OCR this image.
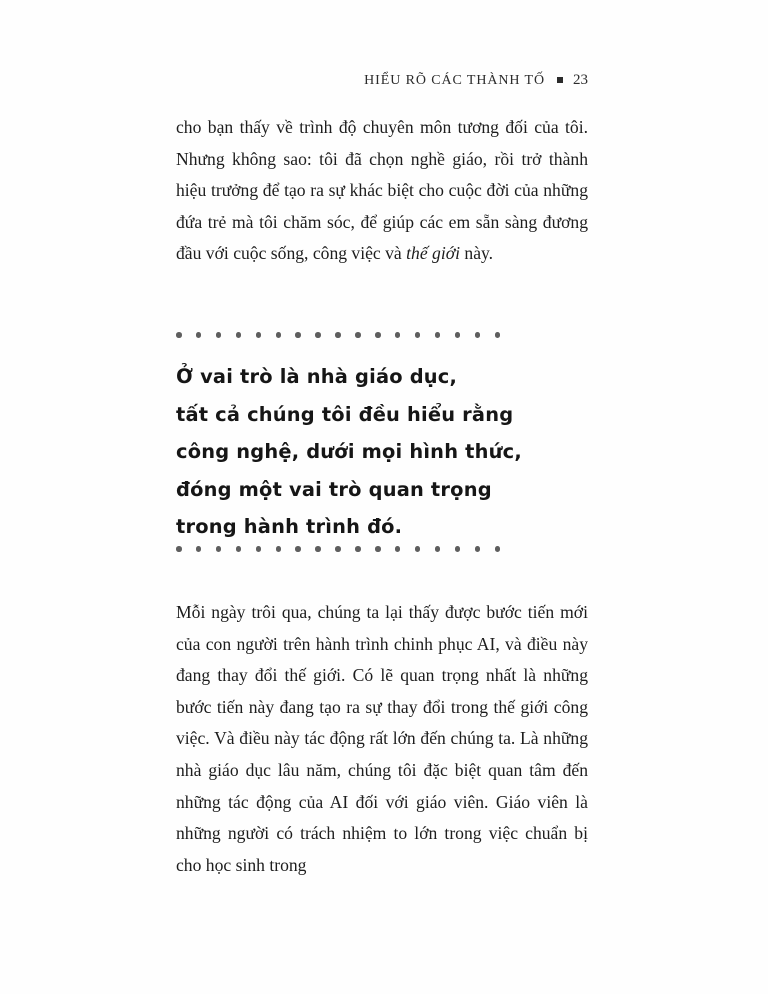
HIỂU RÕ CÁC THÀNH TỐ 23

cho bạn thấy về trình độ chuyên môn tương đối của tôi. Nhưng không sao: tôi đã chọn nghề giáo, rồi trở thành hiệu trưởng để tạo ra sự khác biệt cho cuộc đời của những đứa trẻ mà tôi chăm sóc, để giúp các em sẵn sàng đương đầu với cuộc sống, công việc và thế giới này.

Ở vai trò là nhà giáo dục,
tất cả chúng tôi đều hiểu rằng
công nghệ, dưới mọi hình thức,
đóng một vai trò quan trọng
trong hành trình đó.

Mỗi ngày trôi qua, chúng ta lại thấy được bước tiến mới của con người trên hành trình chinh phục AI, và điều này đang thay đổi thế giới. Có lẽ quan trọng nhất là những bước tiến này đang tạo ra sự thay đổi trong thế giới công việc. Và điều này tác động rất lớn đến chúng ta. Là những nhà giáo dục lâu năm, chúng tôi đặc biệt quan tâm đến những tác động của AI đối với giáo viên. Giáo viên là những người có trách nhiệm to lớn trong việc chuẩn bị cho học sinh trong
